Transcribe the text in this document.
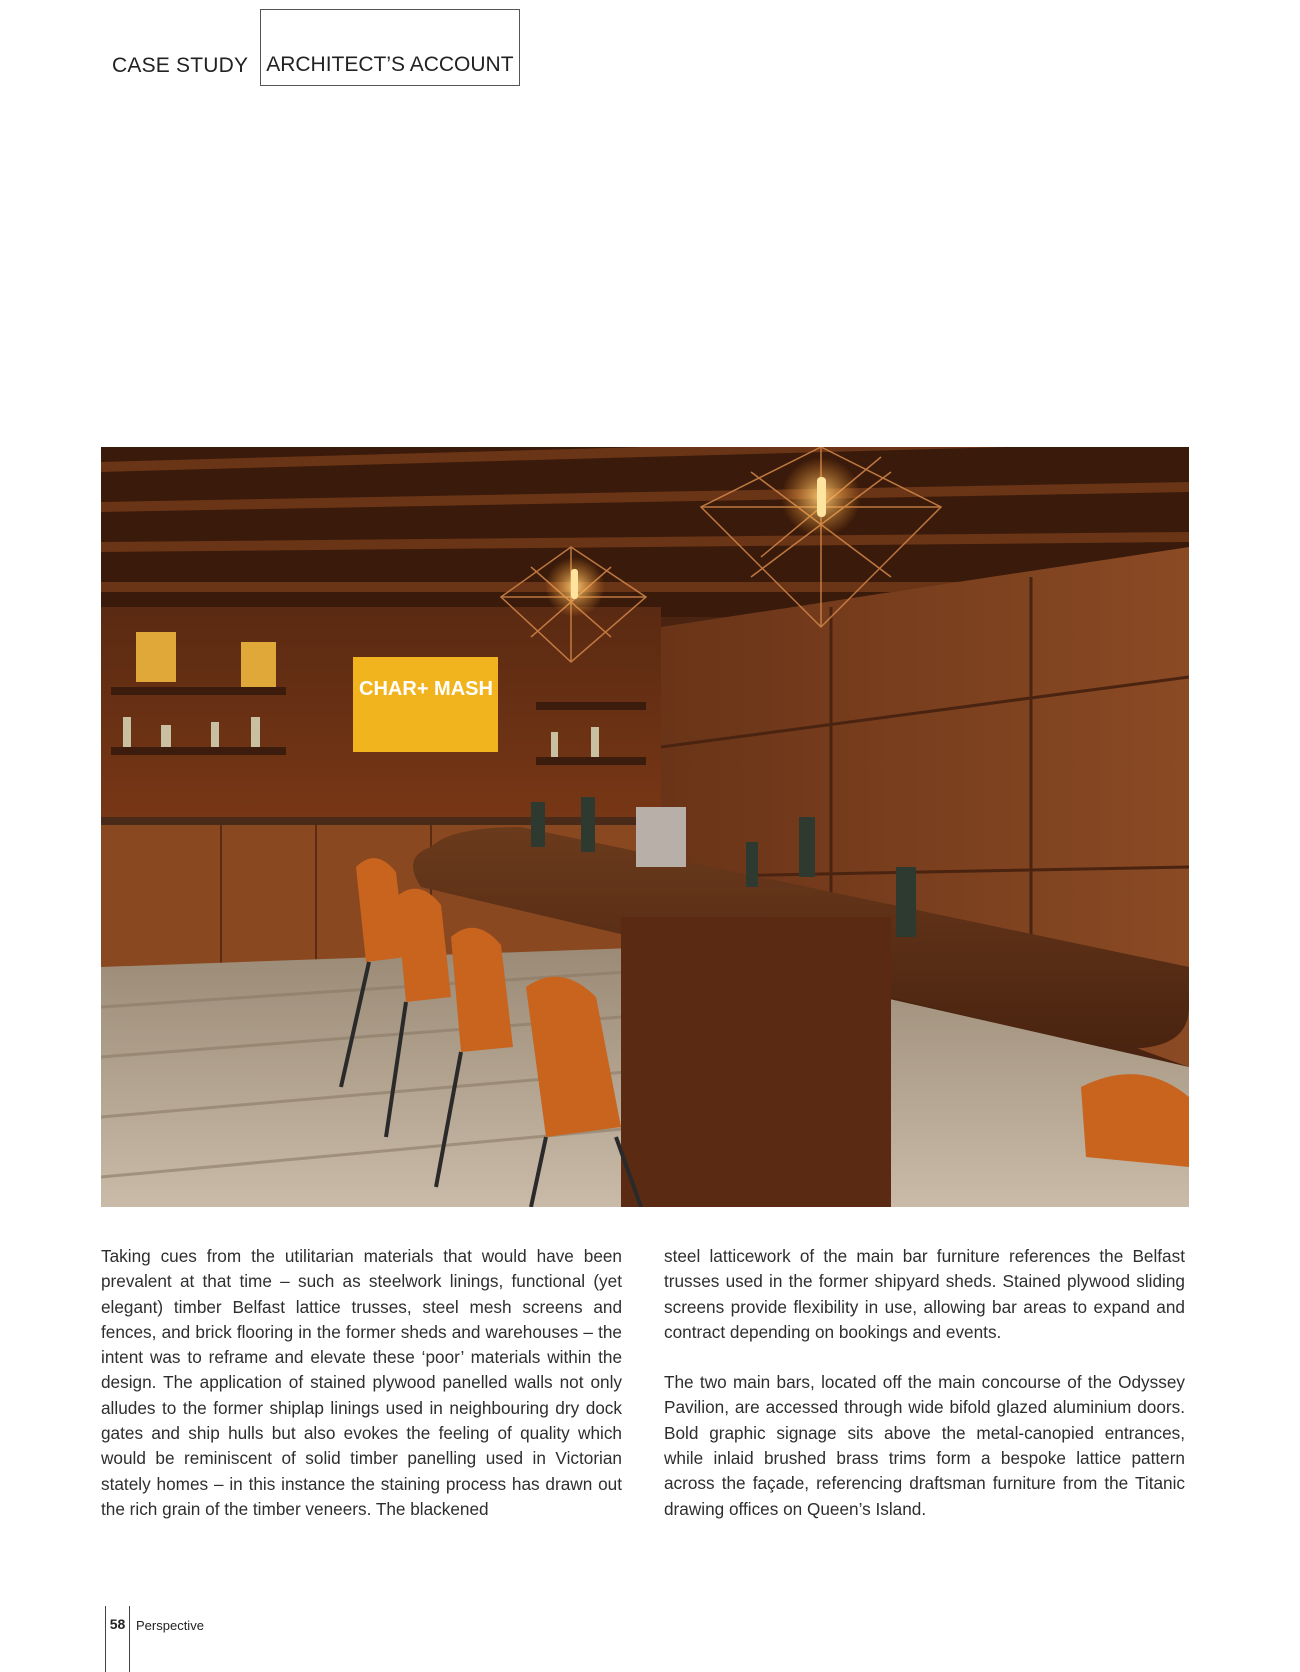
CASE STUDY ARCHITECT’S ACCOUNT
CHAR+ MASH

Taking cues from the utilitarian materials that would have been prevalent at that time – such as steelwork linings, functional (yet elegant) timber Belfast lattice trusses, steel mesh screens and fences, and brick flooring in the former sheds and warehouses – the intent was to reframe and elevate these ‘poor’ materials within the design. The application of stained plywood panelled walls not only alludes to the former shiplap linings used in neighbouring dry dock gates and ship hulls but also evokes the feeling of quality which would be reminiscent of solid timber panelling used in Victorian stately homes – in this instance the staining process has drawn out the rich grain of the timber veneers. The blackened

steel latticework of the main bar furniture references the Belfast trusses used in the former shipyard sheds. Stained plywood sliding screens provide flexibility in use, allowing bar areas to expand and contract depending on bookings and events.

The two main bars, located off the main concourse of the Odyssey Pavilion, are accessed through wide bifold glazed aluminium doors. Bold graphic signage sits above the metal-canopied entrances, while inlaid brushed brass trims form a bespoke lattice pattern across the façade, referencing draftsman furniture from the Titanic drawing offices on Queen’s Island.

58 Perspective
